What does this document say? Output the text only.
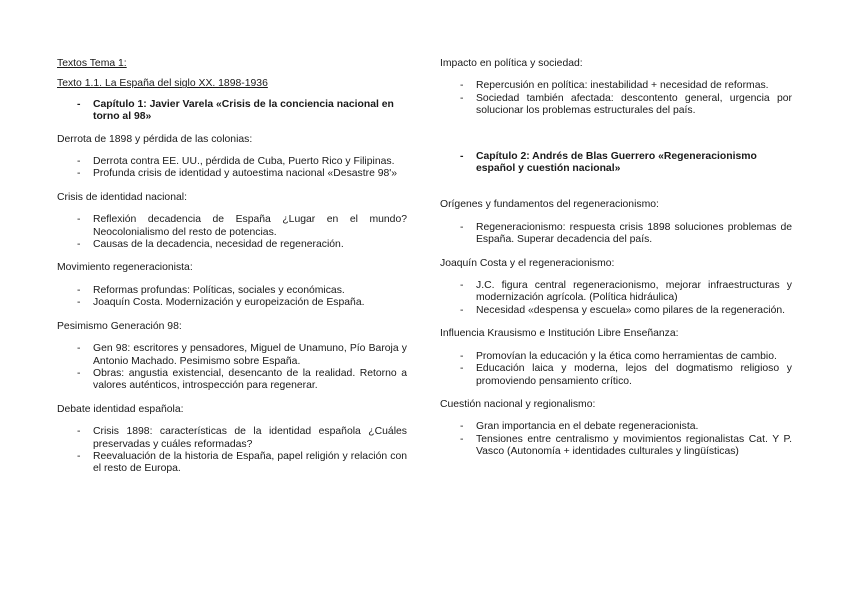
Textos Tema 1:

Texto 1.1. La España del siglo XX. 1898-1936

- Capítulo 1: Javier Varela «Crisis de la conciencia nacional en torno al 98»

Derrota de 1898 y pérdida de las colonias:

- Derrota contra EE. UU., pérdida de Cuba, Puerto Rico y Filipinas.
- Profunda crisis de identidad y autoestima nacional «Desastre 98'»

Crisis de identidad nacional:

- Reflexión decadencia de España ¿Lugar en el mundo? Neocolonialismo del resto de potencias.
- Causas de la decadencia, necesidad de regeneración.

Movimiento regeneracionista:

- Reformas profundas: Políticas, sociales y económicas.
- Joaquín Costa. Modernización y europeización de España.

Pesimismo Generación 98:

- Gen 98: escritores y pensadores, Miguel de Unamuno, Pío Baroja y Antonio Machado. Pesimismo sobre España.
- Obras: angustia existencial, desencanto de la realidad. Retorno a valores auténticos, introspección para regenerar.

Debate identidad española:

- Crisis 1898: características de la identidad española ¿Cuáles preservadas y cuáles reformadas?
- Reevaluación de la historia de España, papel religión y relación con el resto de Europa.

Impacto en política y sociedad:

- Repercusión en política: inestabilidad + necesidad de reformas.
- Sociedad también afectada: descontento general, urgencia por solucionar los problemas estructurales del país.
- Capítulo 2: Andrés de Blas Guerrero «Regeneracionismo español y cuestión nacional»

Orígenes y fundamentos del regeneracionismo:

- Regeneracionismo: respuesta crisis 1898 soluciones problemas de España. Superar decadencia del país.

Joaquín Costa y el regeneracionismo:

- J.C. figura central regeneracionismo, mejorar infraestructuras y modernización agrícola. (Política hidráulica)
- Necesidad «despensa y escuela» como pilares de la regeneración.

Influencia Krausismo e Institución Libre Enseñanza:

- Promovían la educación y la ética como herramientas de cambio.
- Educación laica y moderna, lejos del dogmatismo religioso y promoviendo pensamiento crítico.

Cuestión nacional y regionalismo:

- Gran importancia en el debate regeneracionista.
- Tensiones entre centralismo y movimientos regionalistas Cat. Y P. Vasco (Autonomía + identidades culturales y lingüísticas)
